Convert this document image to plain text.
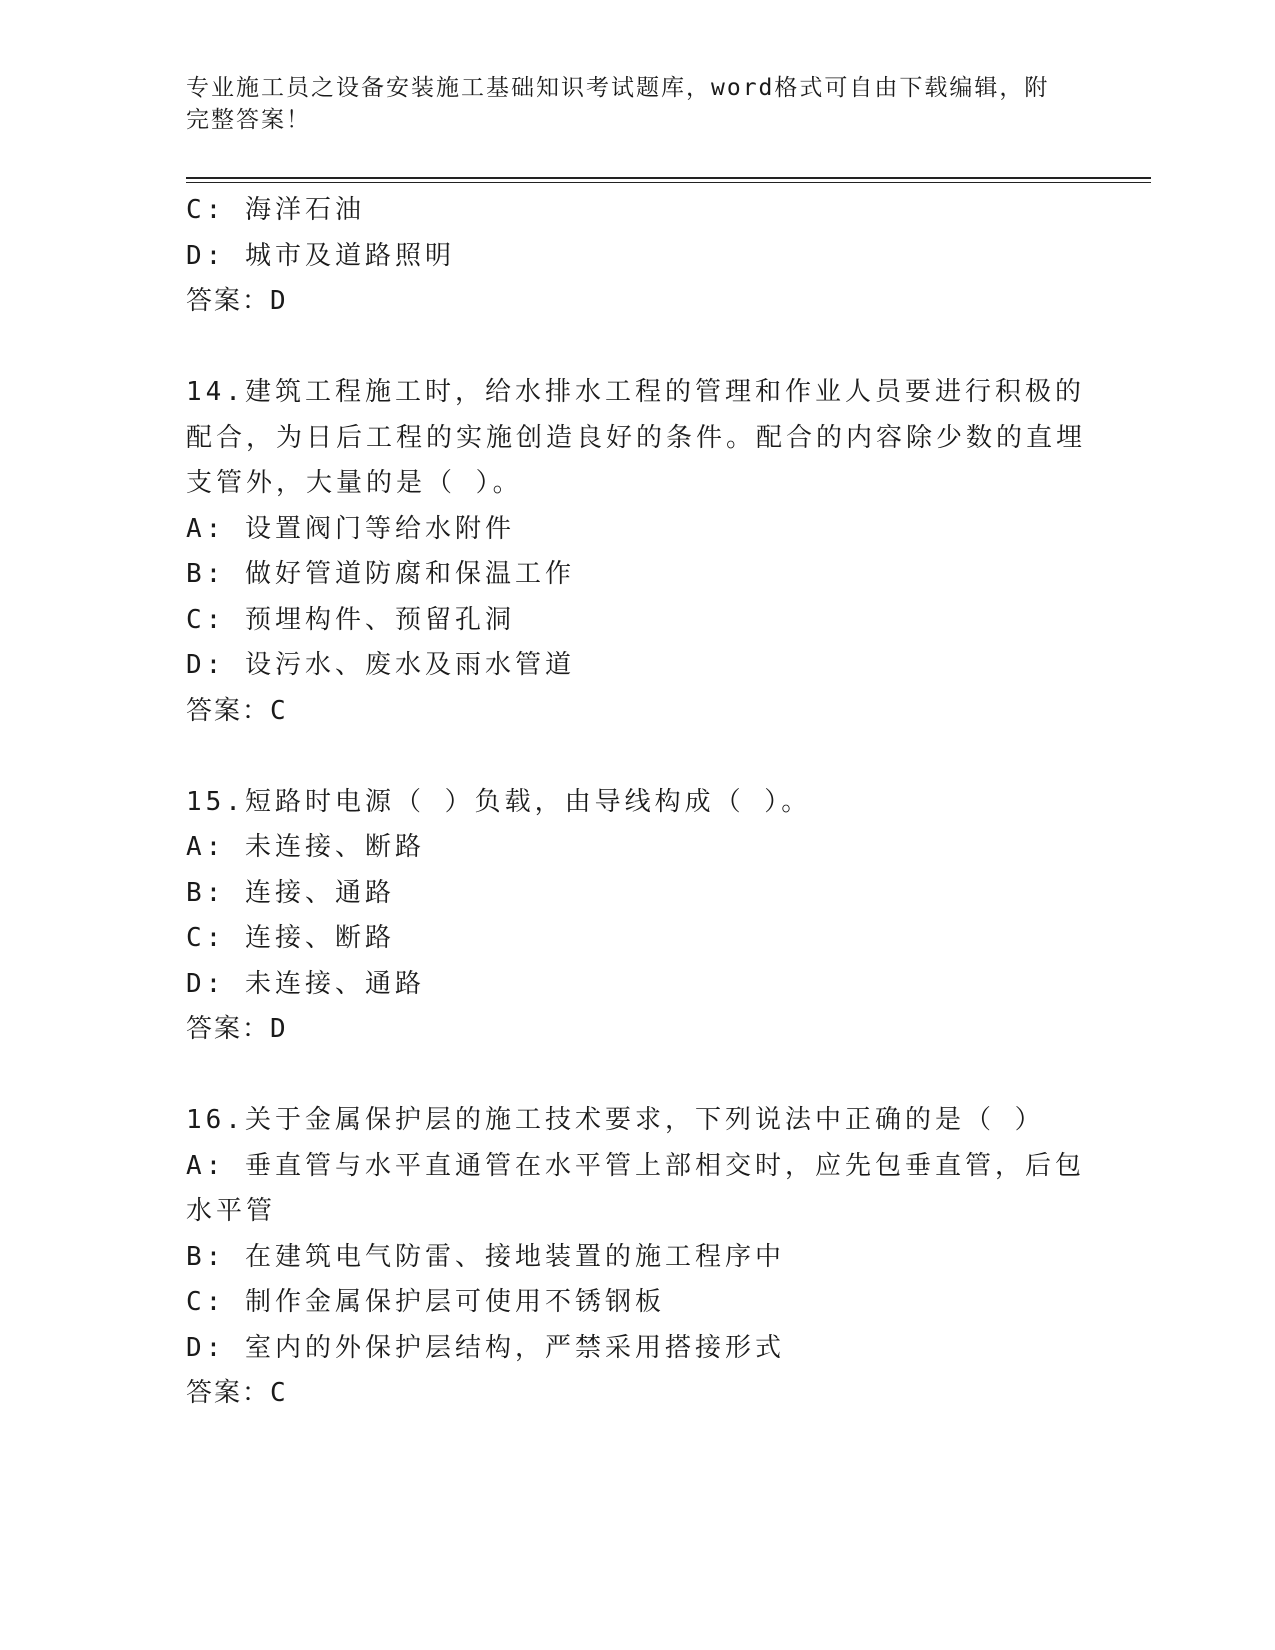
专业施工员之设备安装施工基础知识考试题库，word格式可自由下载编辑，附完整答案！
C: 海洋石油
D: 城市及道路照明
答案：D
14.建筑工程施工时，给水排水工程的管理和作业人员要进行积极的配合，为日后工程的实施创造良好的条件。配合的内容除少数的直埋支管外，大量的是（ ）。
A: 设置阀门等给水附件
B: 做好管道防腐和保温工作
C: 预埋构件、预留孔洞
D: 设污水、废水及雨水管道
答案：C
15.短路时电源（ ）负载，由导线构成（ ）。
A: 未连接、断路
B: 连接、通路
C: 连接、断路
D: 未连接、通路
答案：D
16.关于金属保护层的施工技术要求，下列说法中正确的是（ ）
A: 垂直管与水平直通管在水平管上部相交时，应先包垂直管，后包水平管
B: 在建筑电气防雷、接地装置的施工程序中
C: 制作金属保护层可使用不锈钢板
D: 室内的外保护层结构，严禁采用搭接形式
答案：C
